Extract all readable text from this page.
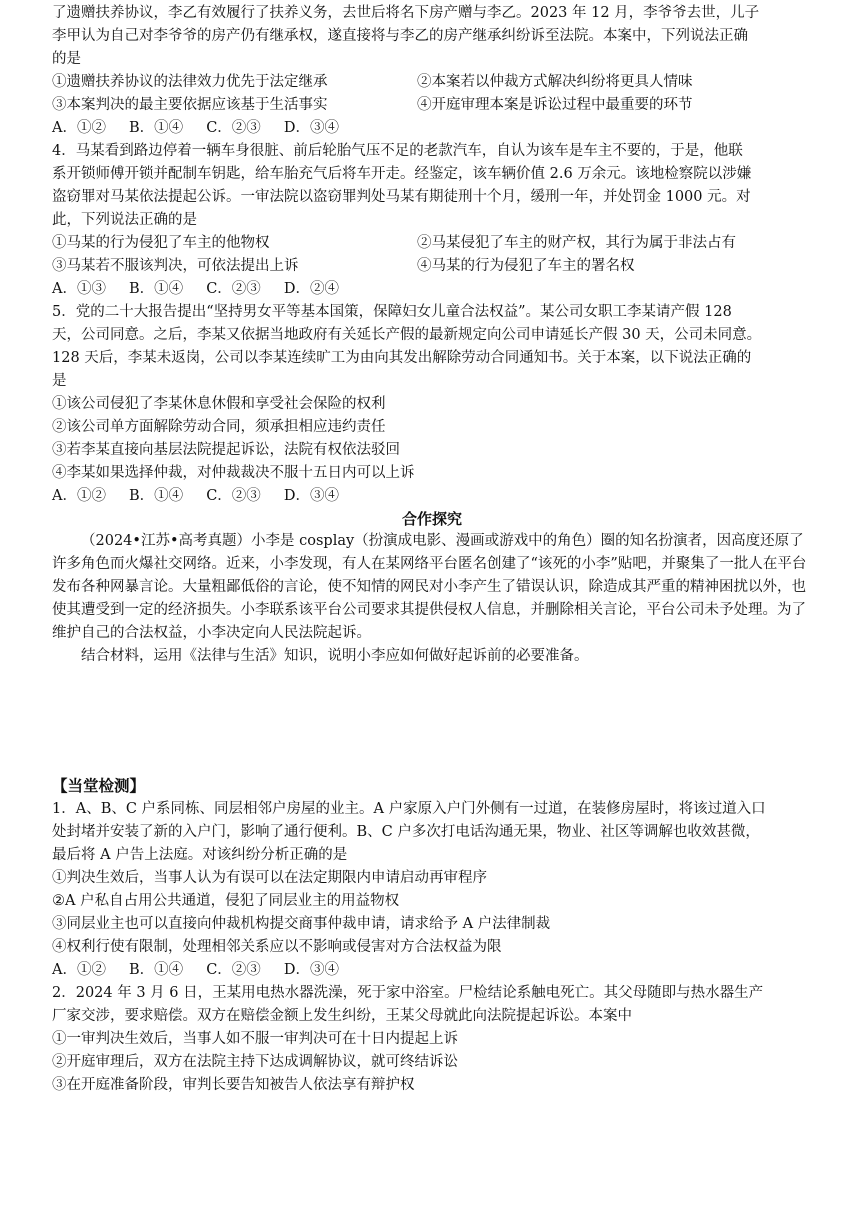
了遗赠扶养协议，李乙有效履行了扶养义务，去世后将名下房产赠与李乙。2023 年 12 月，李爷爷去世，儿子
李甲认为自己对李爷爷的房产仍有继承权，遂直接将与李乙的房产继承纠纷诉至法院。本案中，下列说法正确
的是
①遗赠扶养协议的法律效力优先于法定继承	②本案若以仲裁方式解决纠纷将更具人情味
③本案判决的最主要依据应该基于生活事实	④开庭审理本案是诉讼过程中最重要的环节
A．①②     B．①④     C．②③     D．③④
4．马某看到路边停着一辆车身很脏、前后轮胎气压不足的老款汽车，自认为该车是车主不要的，于是，他联
系开锁师傅开锁并配制车钥匙，给车胎充气后将车开走。经鉴定，该车辆价值 2.6 万余元。该地检察院以涉嫌
盗窃罪对马某依法提起公诉。一审法院以盗窃罪判处马某有期徒刑十个月，缓刑一年，并处罚金 1000 元。对
此，下列说法正确的是
①马某的行为侵犯了车主的他物权	②马某侵犯了车主的财产权，其行为属于非法占有
③马某若不服该判决，可依法提出上诉	④马某的行为侵犯了车主的署名权
A．①③     B．①④     C．②③     D．②④
5．党的二十大报告提出“坚持男女平等基本国策，保障妇女儿童合法权益”。某公司女职工李某请产假 128
天，公司同意。之后，李某又依据当地政府有关延长产假的最新规定向公司申请延长产假 30 天，公司未同意。
128 天后，李某未返岗，公司以李某连续旷工为由向其发出解除劳动合同通知书。关于本案，以下说法正确的
是
①该公司侵犯了李某休息休假和享受社会保险的权利
②该公司单方面解除劳动合同，须承担相应违约责任
③若李某直接向基层法院提起诉讼，法院有权依法驳回
④李某如果选择仲裁，对仲裁裁决不服十五日内可以上诉
A．①②     B．①④     C．②③     D．③④
合作探究
（2024•江苏•高考真题）小李是 cosplay（扮演成电影、漫画或游戏中的角色）圈的知名扮演者，因高度还原了许多角色而火爆社交网络。近来，小李发现，有人在某网络平台匿名创建了“该死的小李”贴吧，并聚集了一批人在平台发布各种网暴言论。大量粗鄙低俗的言论，使不知情的网民对小李产生了错误认识，除造成其严重的精神困扰以外，也使其遭受到一定的经济损失。小李联系该平台公司要求其提供侵权人信息，并删除相关言论，平台公司未予处理。为了维护自己的合法权益，小李决定向人民法院起诉。
结合材料，运用《法律与生活》知识，说明小李应如何做好起诉前的必要准备。
【当堂检测】
1．A、B、C 户系同栋、同层相邻户房屋的业主。A 户家原入户门外侧有一过道，在装修房屋时，将该过道入口
处封堵并安装了新的入户门，影响了通行便利。B、C 户多次打电话沟通无果，物业、社区等调解也收效甚微，
最后将 A 户告上法庭。对该纠纷分析正确的是
①判决生效后，当事人认为有误可以在法定期限内申请启动再审程序
②A 户私自占用公共通道，侵犯了同层业主的用益物权
③同层业主也可以直接向仲裁机构提交商事仲裁申请，请求给予 A 户法律制裁
④权利行使有限制，处理相邻关系应以不影响或侵害对方合法权益为限
A．①②     B．①④     C．②③     D．③④
2．2024 年 3 月 6 日，王某用电热水器洗澡，死于家中浴室。尸检结论系触电死亡。其父母随即与热水器生产
厂家交涉，要求赔偿。双方在赔偿金额上发生纠纷，王某父母就此向法院提起诉讼。本案中
①一审判决生效后，当事人如不服一审判决可在十日内提起上诉
②开庭审理后，双方在法院主持下达成调解协议，就可终结诉讼
③在开庭准备阶段，审判长要告知被告人依法享有辩护权
